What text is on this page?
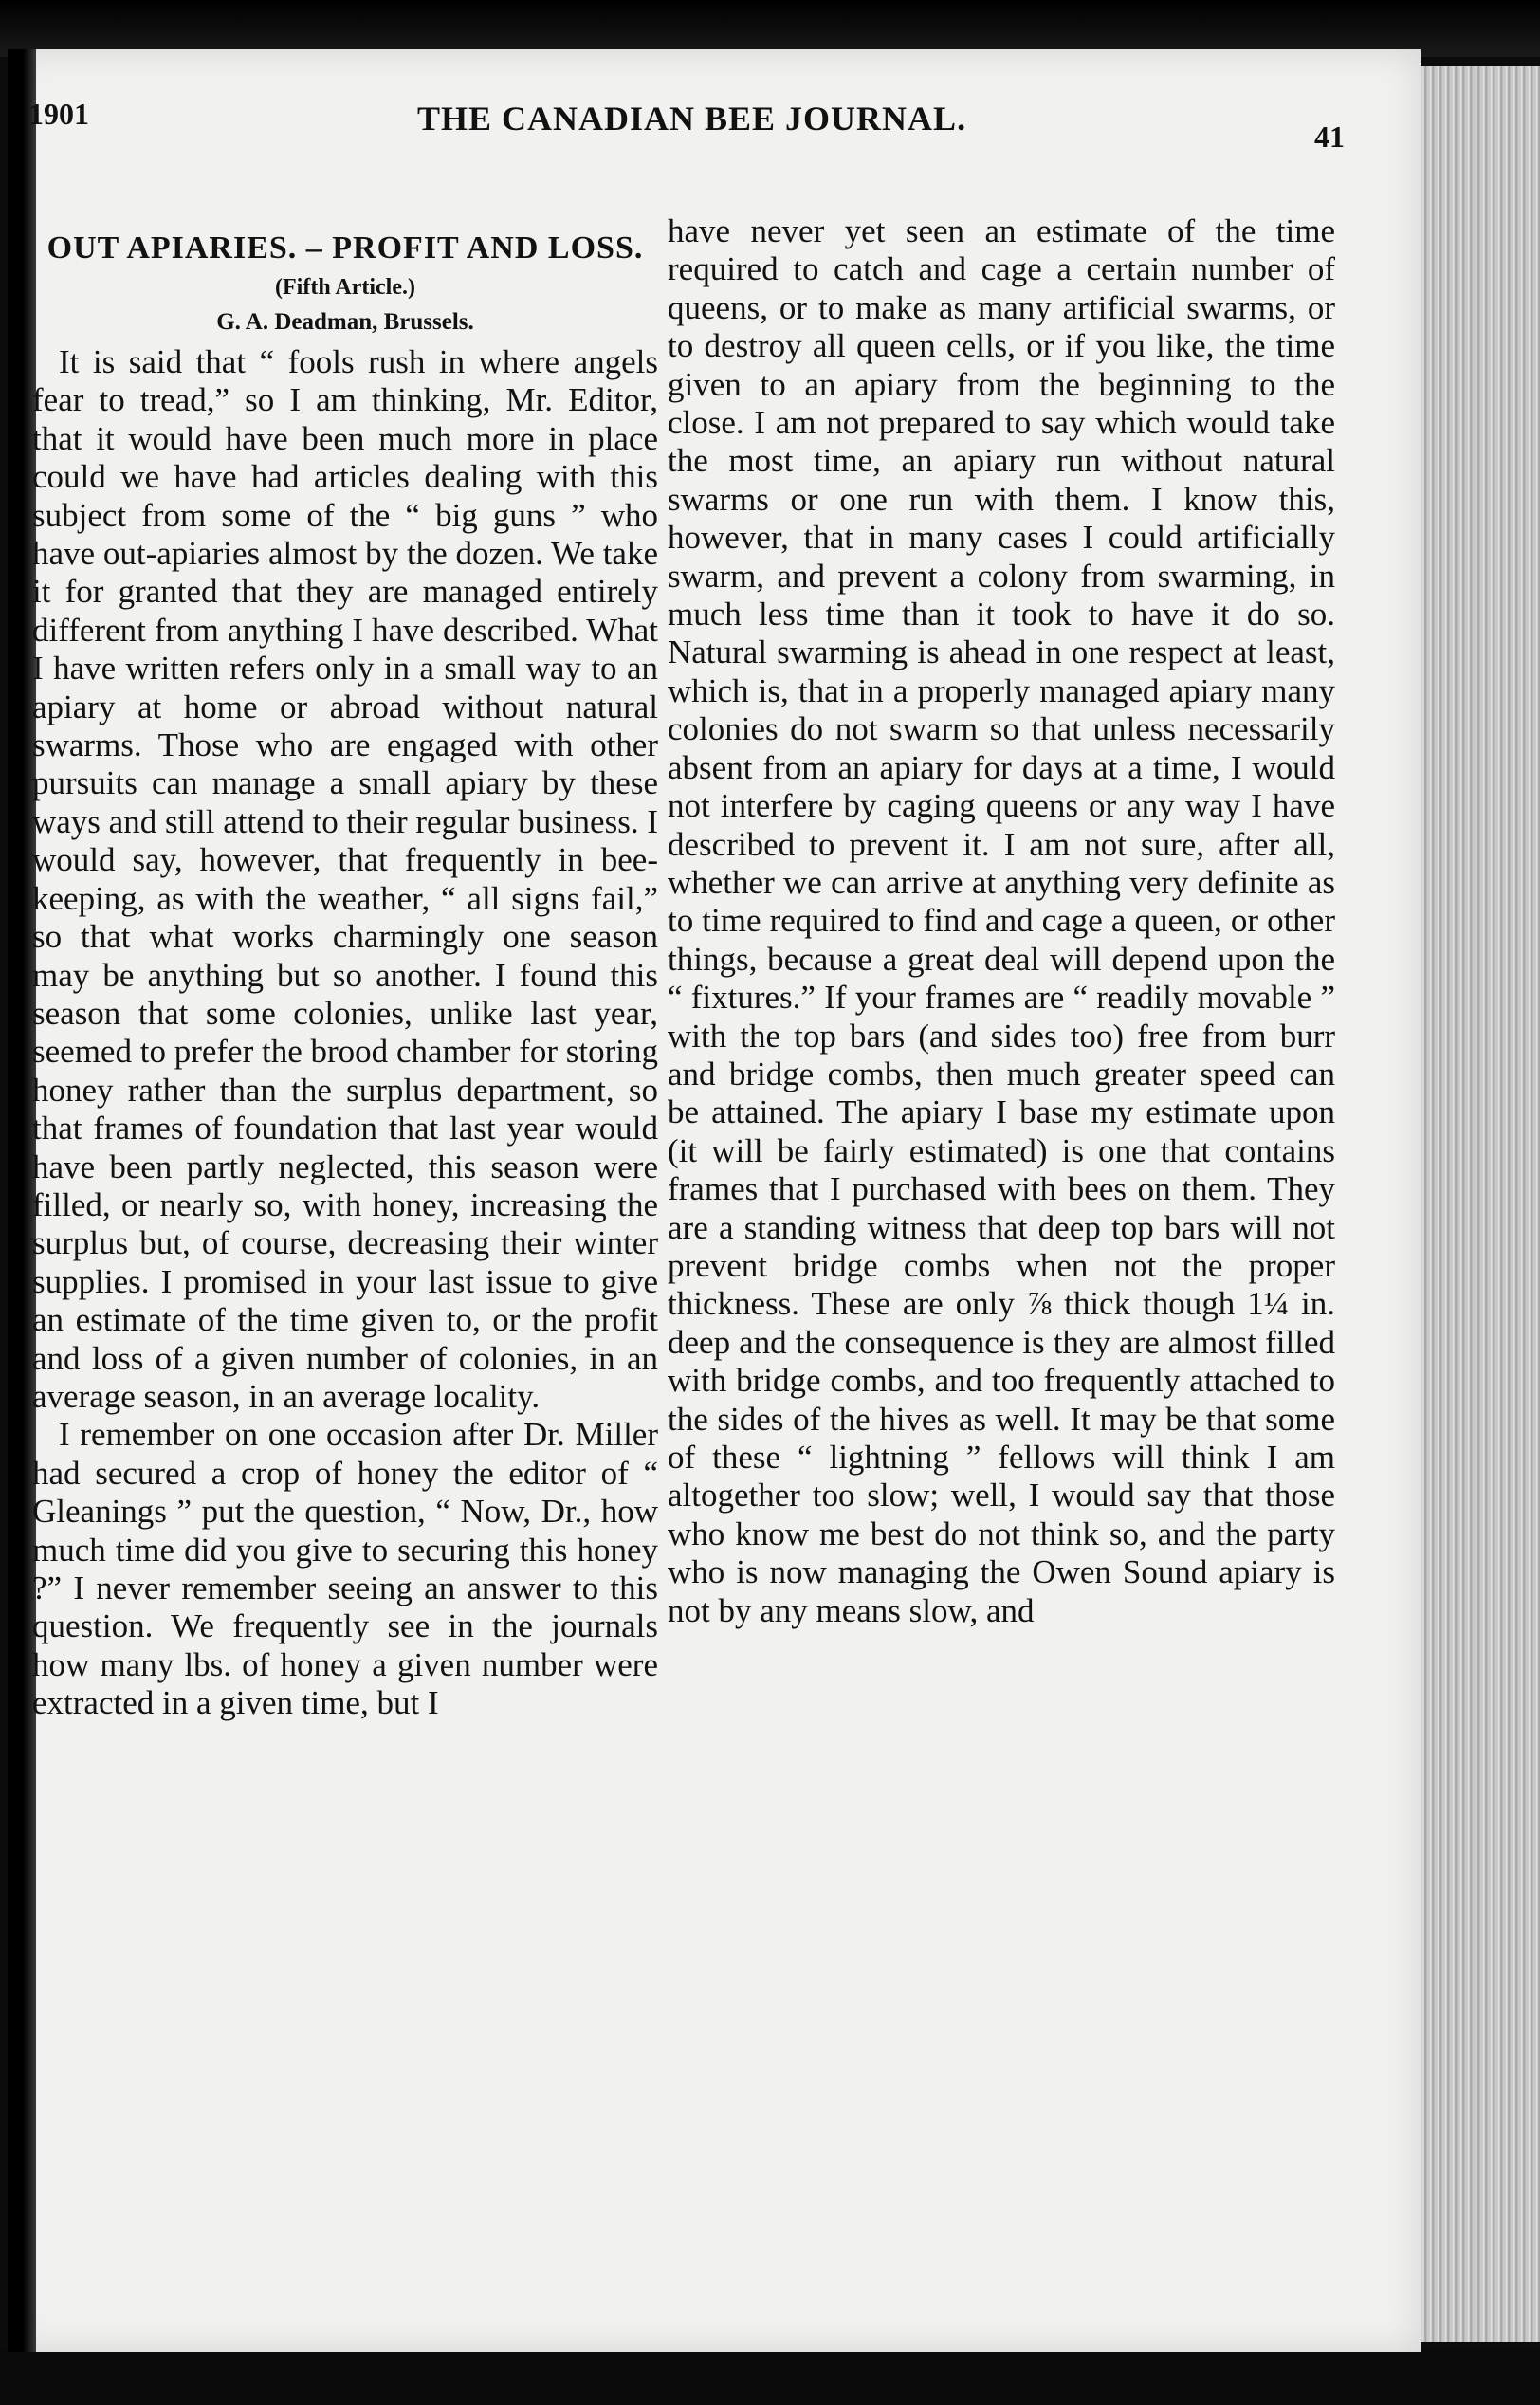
1901	THE CANADIAN BEE JOURNAL.	41
OUT APIARIES. – PROFIT AND LOSS.
(Fifth Article.)
G. A. Deadman, Brussels.

It is said that “ fools rush in where angels fear to tread,” so I am thinking, Mr. Editor, that it would have been much more in place could we have had articles dealing with this subject from some of the “ big guns ” who have out-apiaries almost by the dozen. We take it for granted that they are managed entirely different from anything I have described. What I have written refers only in a small way to an apiary at home or abroad without natural swarms. Those who are engaged with other pursuits can manage a small apiary by these ways and still attend to their regular business. I would say, however, that frequently in bee-keeping, as with the weather, “ all signs fail,” so that what works charmingly one season may be anything but so another. I found this season that some colonies, unlike last year, seemed to prefer the brood chamber for storing honey rather than the surplus department, so that frames of foundation that last year would have been partly neglected, this season were filled, or nearly so, with honey, increasing the surplus but, of course, decreasing their winter supplies. I promised in your last issue to give an estimate of the time given to, or the profit and loss of a given number of colonies, in an average season, in an average locality.

I remember on one occasion after Dr. Miller had secured a crop of honey the editor of “ Gleanings ” put the question, “ Now, Dr., how much time did you give to securing this honey ?” I never remember seeing an answer to this question. We frequently see in the journals how many lbs. of honey a given number were extracted in a given time, but I

have never yet seen an estimate of the time required to catch and cage a certain number of queens, or to make as many artificial swarms, or to destroy all queen cells, or if you like, the time given to an apiary from the beginning to the close. I am not prepared to say which would take the most time, an apiary run without natural swarms or one run with them. I know this, however, that in many cases I could artificially swarm, and prevent a colony from swarming, in much less time than it took to have it do so. Natural swarming is ahead in one respect at least, which is, that in a properly managed apiary many colonies do not swarm so that unless necessarily absent from an apiary for days at a time, I would not interfere by caging queens or any way I have described to prevent it. I am not sure, after all, whether we can arrive at anything very definite as to time required to find and cage a queen, or other things, because a great deal will depend upon the “ fixtures.” If your frames are “ readily movable ” with the top bars (and sides too) free from burr and bridge combs, then much greater speed can be attained. The apiary I base my estimate upon (it will be fairly estimated) is one that contains frames that I purchased with bees on them. They are a standing witness that deep top bars will not prevent bridge combs when not the proper thickness. These are only ⅞ thick though 1¼ in. deep and the consequence is they are almost filled with bridge combs, and too frequently attached to the sides of the hives as well. It may be that some of these “ lightning ” fellows will think I am altogether too slow; well, I would say that those who know me best do not think so, and the party who is now managing the Owen Sound apiary is not by any means slow, and
